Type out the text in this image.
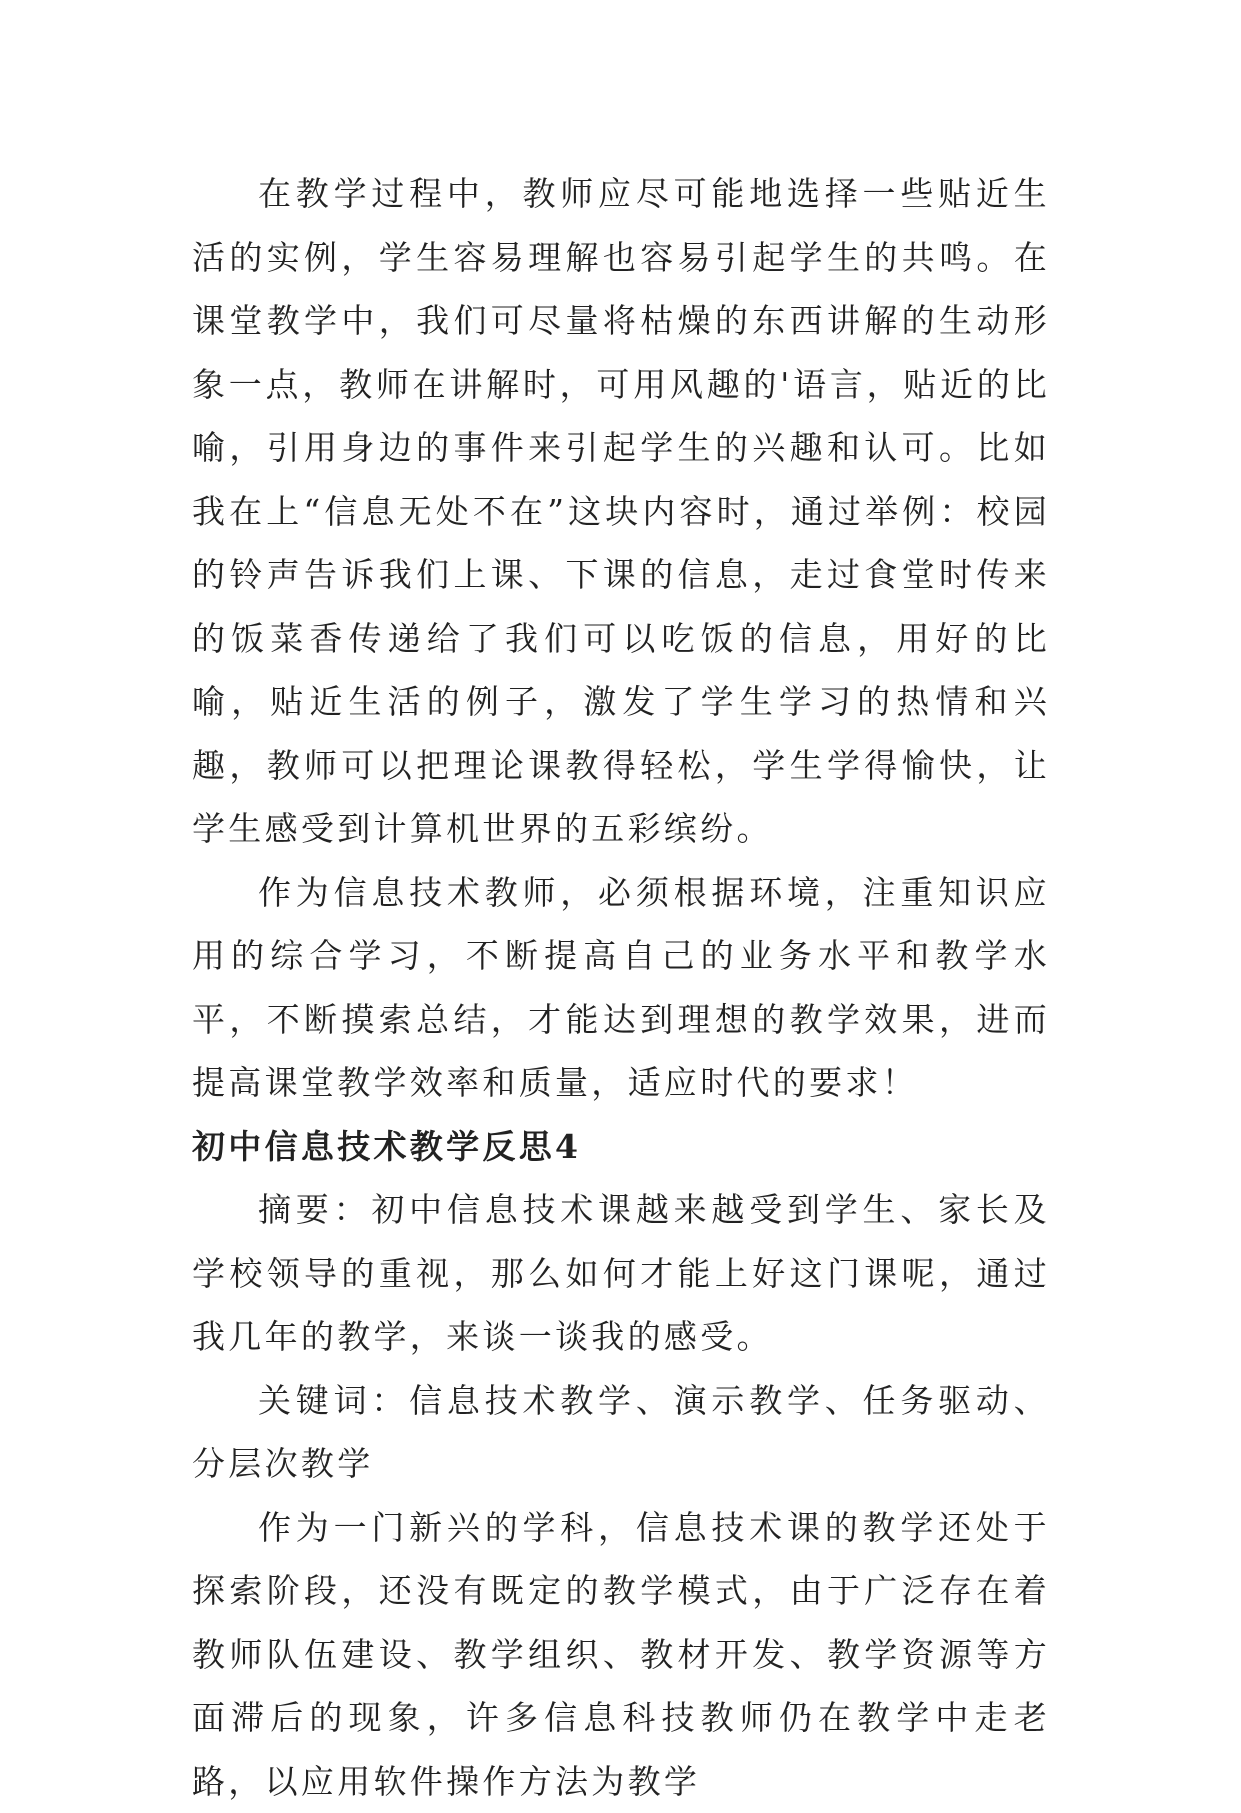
在教学过程中，教师应尽可能地选择一些贴近生活的实例，学生容易理解也容易引起学生的共鸣。在课堂教学中，我们可尽量将枯燥的东西讲解的生动形象一点，教师在讲解时，可用风趣的'语言，贴近的比喻，引用身边的事件来引起学生的兴趣和认可。比如我在上“信息无处不在”这块内容时，通过举例：校园的铃声告诉我们上课、下课的信息，走过食堂时传来的饭菜香传递给了我们可以吃饭的信息，用好的比喻，贴近生活的例子，激发了学生学习的热情和兴趣，教师可以把理论课教得轻松，学生学得愉快，让学生感受到计算机世界的五彩缤纷。

作为信息技术教师，必须根据环境，注重知识应用的综合学习，不断提高自己的业务水平和教学水平，不断摸索总结，才能达到理想的教学效果，进而提高课堂教学效率和质量，适应时代的要求！

初中信息技术教学反思4

摘要：初中信息技术课越来越受到学生、家长及学校领导的重视，那么如何才能上好这门课呢，通过我几年的教学，来谈一谈我的感受。

关键词：信息技术教学、演示教学、任务驱动、分层次教学

作为一门新兴的学科，信息技术课的教学还处于探索阶段，还没有既定的教学模式，由于广泛存在着教师队伍建设、教学组织、教材开发、教学资源等方面滞后的现象，许多信息科技教师仍在教学中走老路，以应用软件操作方法为教学
